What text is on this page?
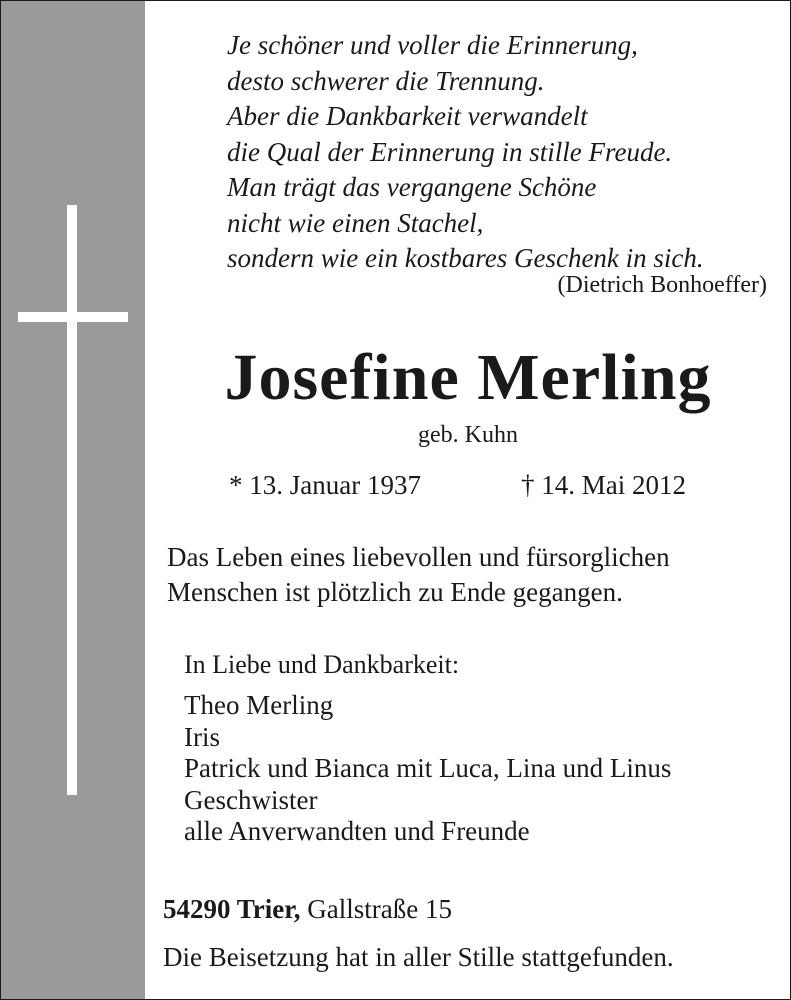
Je schöner und voller die Erinnerung,
desto schwerer die Trennung.
Aber die Dankbarkeit verwandelt
die Qual der Erinnerung in stille Freude.
Man trägt das vergangene Schöne
nicht wie einen Stachel,
sondern wie ein kostbares Geschenk in sich.
(Dietrich Bonhoeffer)
Josefine Merling
geb. Kuhn
* 13. Januar 1937	† 14. Mai 2012
Das Leben eines liebevollen und fürsorglichen
Menschen ist plötzlich zu Ende gegangen.
In Liebe und Dankbarkeit:
Theo Merling
Iris
Patrick und Bianca mit Luca, Lina und Linus
Geschwister
alle Anverwandten und Freunde
54290 Trier, Gallstraße 15
Die Beisetzung hat in aller Stille stattgefunden.
